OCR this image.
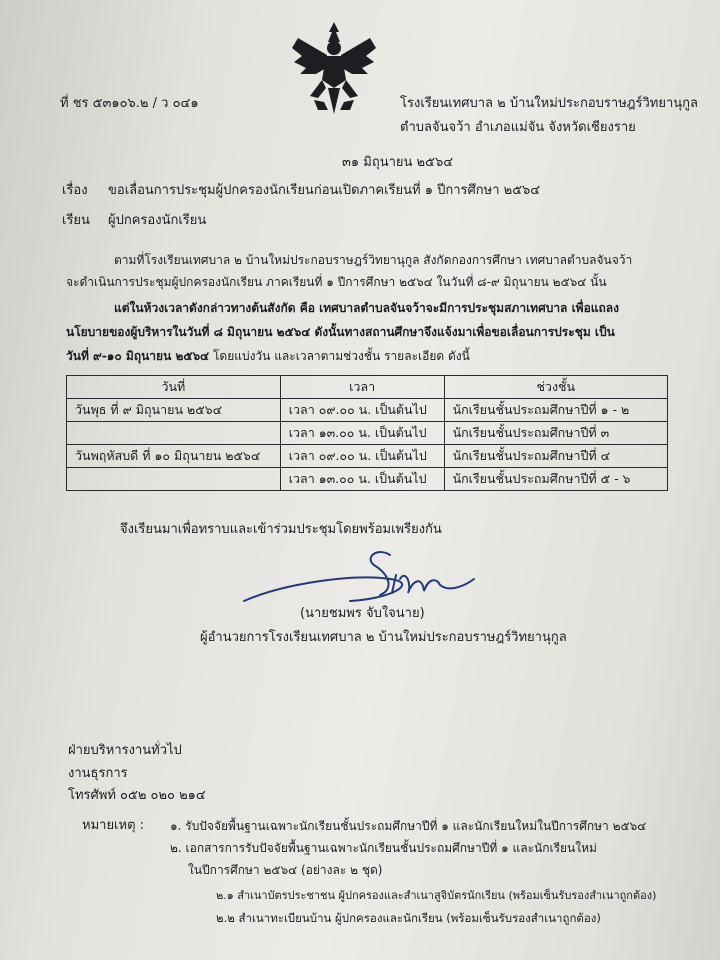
ที่ ชร ๕๓๑๐๖.๒ / ว ๐๔๑	โรงเรียนเทศบาล ๒ บ้านใหม่ประกอบราษฎร์วิทยานุกูล
ตำบลจันจว้า อำเภอแม่จัน จังหวัดเชียงราย
๓๑ มิถุนายน ๒๕๖๔
เรื่อง ขอเลื่อนการประชุมผู้ปกครองนักเรียนก่อนเปิดภาคเรียนที่ ๑ ปีการศึกษา ๒๕๖๔
เรียน ผู้ปกครองนักเรียน
ตามที่โรงเรียนเทศบาล ๒ บ้านใหม่ประกอบราษฎร์วิทยานุกูล สังกัดกองการศึกษา เทศบาลตำบลจันจว้า
จะดำเนินการประชุมผู้ปกครองนักเรียน ภาคเรียนที่ ๑ ปีการศึกษา ๒๕๖๔ ในวันที่ ๘-๙ มิถุนายน ๒๕๖๔ นั้น
แต่ในห้วงเวลาดังกล่าวทางต้นสังกัด คือ เทศบาลตำบลจันจว้าจะมีการประชุมสภาเทศบาล เพื่อแถลง
นโยบายของผู้บริหารในวันที่ ๘ มิถุนายน ๒๕๖๔ ดังนั้นทางสถานศึกษาจึงแจ้งมาเพื่อขอเลื่อนการประชุม เป็น
วันที่ ๙-๑๐ มิถุนายน ๒๕๖๔ โดยแบ่งวัน และเวลาตามช่วงชั้น รายละเอียด ดังนี้
วันที่	เวลา	ช่วงชั้น
วันพุธ ที่ ๙ มิถุนายน ๒๕๖๔	เวลา ๐๙.๐๐ น. เป็นต้นไป	นักเรียนชั้นประถมศึกษาปีที่ ๑ - ๒
	เวลา ๑๓.๐๐ น. เป็นต้นไป	นักเรียนชั้นประถมศึกษาปีที่ ๓
วันพฤหัสบดี ที่ ๑๐ มิถุนายน ๒๕๖๔	เวลา ๐๙.๐๐ น. เป็นต้นไป	นักเรียนชั้นประถมศึกษาปีที่ ๔
	เวลา ๑๓.๐๐ น. เป็นต้นไป	นักเรียนชั้นประถมศึกษาปีที่ ๕ - ๖
จึงเรียนมาเพื่อทราบและเข้าร่วมประชุมโดยพร้อมเพรียงกัน
(นายชมพร จับใจนาย)
ผู้อำนวยการโรงเรียนเทศบาล ๒ บ้านใหม่ประกอบราษฎร์วิทยานุกูล
ฝ่ายบริหารงานทั่วไป
งานธุรการ
โทรศัพท์ ๐๕๒ ๐๒๐ ๒๑๔
หมายเหตุ : ๑. รับปัจจัยพื้นฐานเฉพาะนักเรียนชั้นประถมศึกษาปีที่ ๑ และนักเรียนใหม่ในปีการศึกษา ๒๕๖๔
๒. เอกสารการรับปัจจัยพื้นฐานเฉพาะนักเรียนชั้นประถมศึกษาปีที่ ๑ และนักเรียนใหม่
ในปีการศึกษา ๒๕๖๔ (อย่างละ ๒ ชุด)
๒.๑ สำเนาบัตรประชาชน ผู้ปกครองและสำเนาสูจิบัตรนักเรียน (พร้อมเซ็นรับรองสำเนาถูกต้อง)
๒.๒ สำเนาทะเบียนบ้าน ผู้ปกครองและนักเรียน (พร้อมเซ็นรับรองสำเนาถูกต้อง)
